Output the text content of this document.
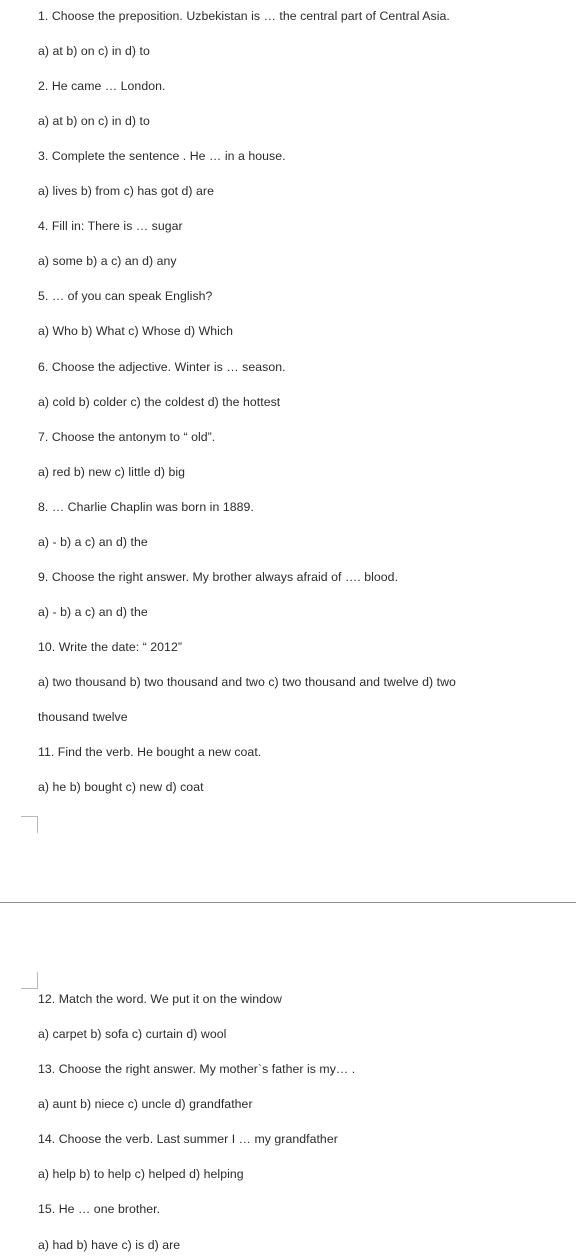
1. Choose the preposition. Uzbekistan is … the central part of Central Asia.
a) at b) on c) in d) to
2. He came … London.
a) at b) on c) in d) to
3. Complete the sentence . He … in a house.
a) lives b) from c) has got d) are
4. Fill in: There is … sugar
a) some b) a c) an d) any
5. … of you can speak English?
a) Who b) What c) Whose d) Which
6. Choose the adjective. Winter is … season.
a) cold b) colder c) the coldest d) the hottest
7. Choose the antonym to “ old”.
a) red b) new c) little d) big
8. … Charlie Chaplin was born in 1889.
a) - b) a c) an d) the
9. Choose the right answer. My brother always afraid of …. blood.
a) - b) a c) an d) the
10. Write the date: “ 2012”
a) two thousand b) two thousand and two c) two thousand and twelve d) two
thousand twelve
11. Find the verb. He bought a new coat.
a) he b) bought c) new d) coat
12. Match the word. We put it on the window
a) carpet b) sofa c) curtain d) wool
13. Choose the right answer. My mother`s father is my… .
a) aunt b) niece c) uncle d) grandfather
14. Choose the verb. Last summer I … my grandfather
a) help b) to help c) helped d) helping
15. He … one brother.
a) had b) have c) is d) are
